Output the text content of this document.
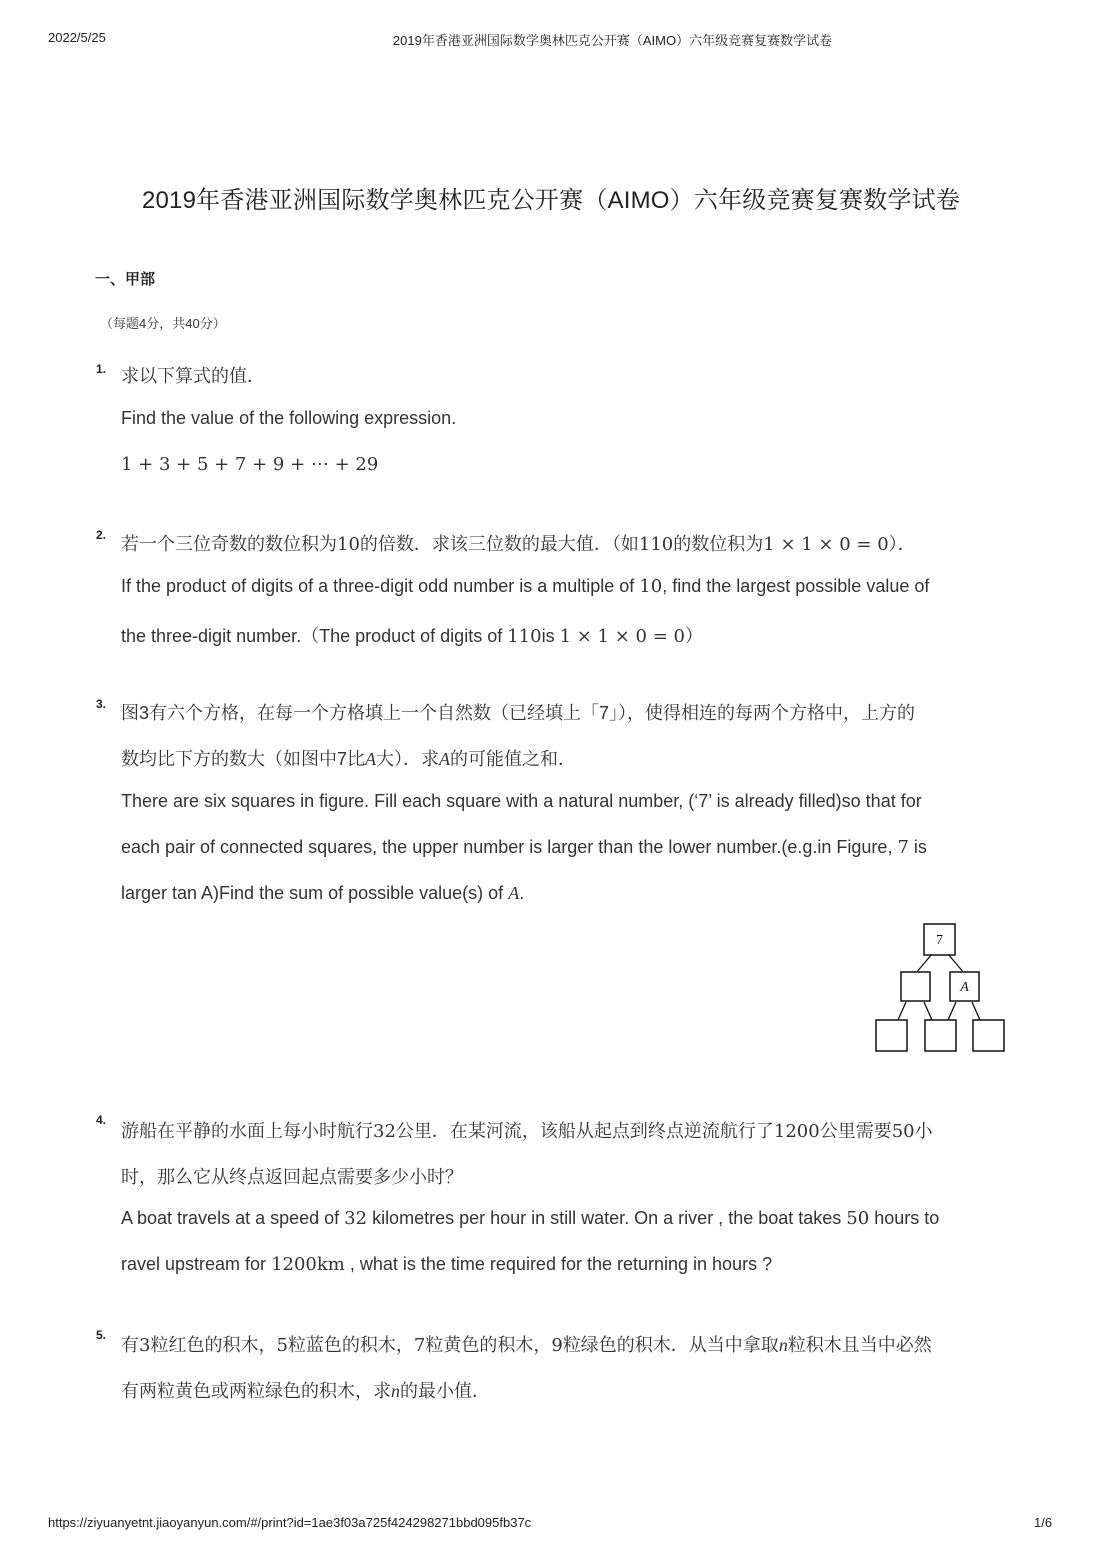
2022/5/25	2019年香港亚洲国际数学奥林匹克公开赛（AIMO）六年级竞赛复赛数学试卷
2019年香港亚洲国际数学奥林匹克公开赛（AIMO）六年级竞赛复赛数学试卷
一、甲部
（每题4分，共40分）
1. 求以下算式的值．
Find the value of the following expression.
1 + 3 + 5 + 7 + 9 + ⋯ + 29
2. 若一个三位奇数的数位积为10的倍数．求该三位数的最大值．（如110的数位积为1 × 1 × 0 = 0）．
If the product of digits of a three-digit odd number is a multiple of 10, find the largest possible value of
the three-digit number.（The product of digits of 110is 1 × 1 × 0 = 0）
3. 图3有六个方格，在每一个方格填上一个自然数（已经填上「7」），使得相连的每两个方格中，上方的
数均比下方的数大（如图中7比A大）．求A的可能值之和．
There are six squares in figure. Fill each square with a natural number, (‘7’ is already filled)so that for
each pair of connected squares, the upper number is larger than the lower number.(e.g.in Figure, 7 is
larger tan A)Find the sum of possible value(s) of A.
7
A
4.
游船在平静的水面上每小时航行32公里．在某河流，该船从起点到终点逆流航行了1200公里需要50小
时，那么它从终点返回起点需要多少小时？
A boat travels at a speed of 32 kilometres per hour in still water. On a river , the boat takes 50 hours to
ravel upstream for 1200km , what is the time required for the returning in hours ?
5. 有3粒红色的积木，5粒蓝色的积木，7粒黄色的积木，9粒绿色的积木．从当中拿取n粒积木且当中必然
有两粒黄色或两粒绿色的积木，求n的最小值．
https://ziyuanyetnt.jiaoyanyun.com/#/print?id=1ae3f03a725f424298271bbd095fb37c	1/6
